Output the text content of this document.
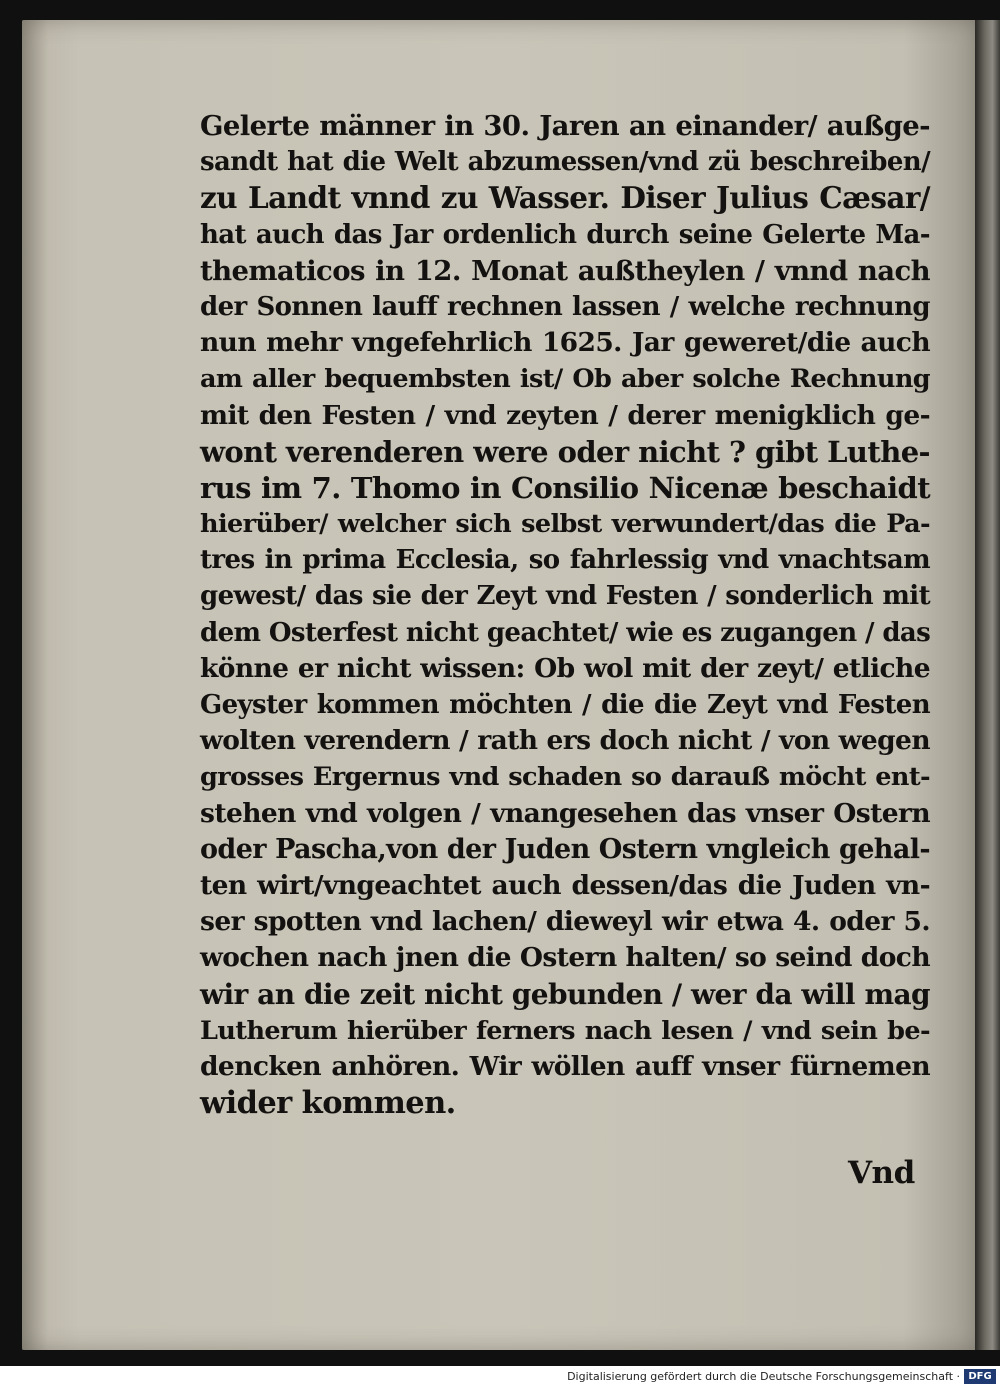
Gelerte männer in 30. Jaren an einander/ außge-
sandt hat die Welt abzumessen/vnd zü beschreiben/
zu Landt vnnd zu Wasser. Diser Julius Cæsar/
hat auch das Jar ordenlich durch seine Gelerte Ma-
thematicos in 12. Monat außtheylen / vnnd nach
der Sonnen lauff rechnen lassen / welche rechnung
nun mehr vngefehrlich 1625. Jar geweret/die auch
am aller bequembsten ist/ Ob aber solche Rechnung
mit den Festen / vnd zeyten / derer menigklich ge-
wont verenderen were oder nicht ? gibt Luthe-
rus im 7. Thomo in Consilio Nicenæ beschaidt
hierüber/ welcher sich selbst verwundert/das die Pa-
tres in prima Ecclesia, so fahrlessig vnd vnachtsam
gewest/ das sie der Zeyt vnd Festen / sonderlich mit
dem Osterfest nicht geachtet/ wie es zugangen / das
könne er nicht wissen: Ob wol mit der zeyt/ etliche
Geyster kommen möchten / die die Zeyt vnd Festen
wolten verendern / rath ers doch nicht / von wegen
grosses Ergernus vnd schaden so darauß möcht ent-
stehen vnd volgen / vnangesehen das vnser Ostern
oder Pascha,von der Juden Ostern vngleich gehal-
ten wirt/vngeachtet auch dessen/das die Juden vn-
ser spotten vnd lachen/ dieweyl wir etwa 4. oder 5.
wochen nach jnen die Ostern halten/ so seind doch
wir an die zeit nicht gebunden / wer da will mag
Lutherum hierüber ferners nach lesen / vnd sein be-
dencken anhören. Wir wöllen auff vnser fürnemen
wider kommen.
Vnd
Digitalisierung gefördert durch die Deutsche Forschungsgemeinschaft · DFG
